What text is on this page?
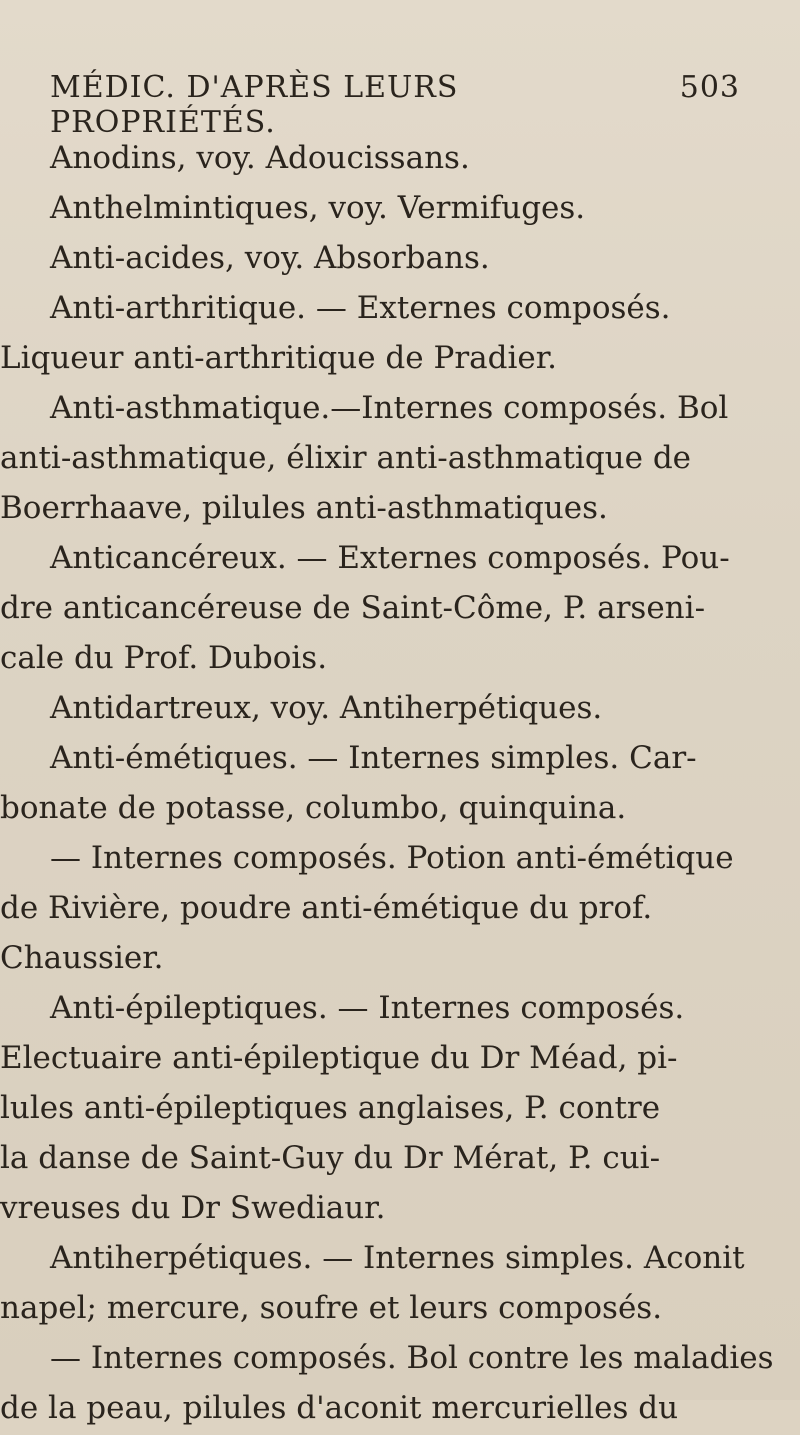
MÉDIC. D'APRÈS LEURS PROPRIÉTÉS.
503
Anodins, voy. Adoucissans.
Anthelmintiques, voy. Vermifuges.
Anti-acides, voy. Absorbans.
Anti-arthritique. — Externes composés.
Liqueur anti-arthritique de Pradier.
Anti-asthmatique.—Internes composés. Bol
anti-asthmatique, élixir anti-asthmatique de
Boerrhaave, pilules anti-asthmatiques.
Anticancéreux. — Externes composés. Pou-
dre anticancéreuse de Saint-Côme, P. arseni-
cale du Prof. Dubois.
Antidartreux, voy. Antiherpétiques.
Anti-émétiques. — Internes simples. Car-
bonate de potasse, columbo, quinquina.
— Internes composés. Potion anti-émétique
de Rivière, poudre anti-émétique du prof.
Chaussier.
Anti-épileptiques. — Internes composés.
Electuaire anti-épileptique du Dr Méad, pi-
lules anti-épileptiques anglaises, P. contre
la danse de Saint-Guy du Dr Mérat, P. cui-
vreuses du Dr Swediaur.
Antiherpétiques. — Internes simples. Aconit
napel; mercure, soufre et leurs composés.
— Internes composés. Bol contre les maladies
de la peau, pilules d'aconit mercurielles du
